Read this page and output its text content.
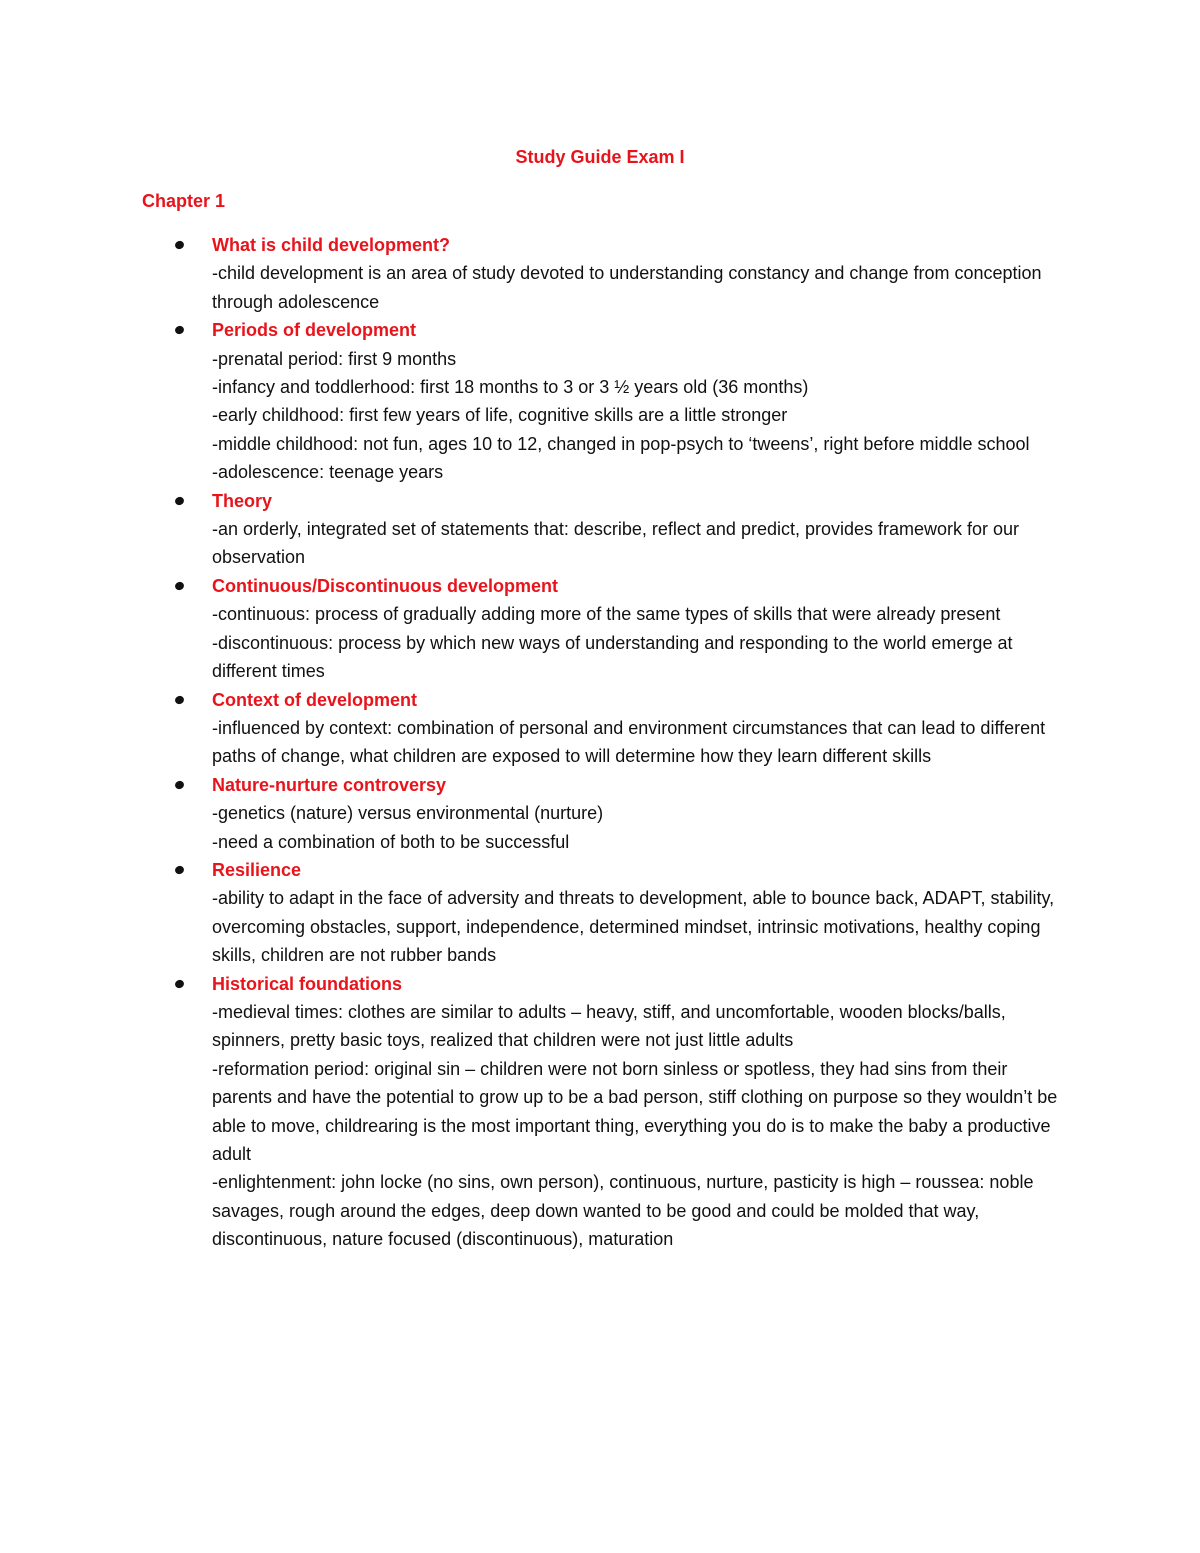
Study Guide Exam I
Chapter 1
What is child development?
-child development is an area of study devoted to understanding constancy and change from conception through adolescence
Periods of development
-prenatal period: first 9 months
-infancy and toddlerhood: first 18 months to 3 or 3 ½ years old (36 months)
-early childhood: first few years of life, cognitive skills are a little stronger
-middle childhood: not fun, ages 10 to 12, changed in pop-psych to ‘tweens’, right before middle school
-adolescence: teenage years
Theory
-an orderly, integrated set of statements that: describe, reflect and predict, provides framework for our observation
Continuous/Discontinuous development
-continuous: process of gradually adding more of the same types of skills that were already present
-discontinuous: process by which new ways of understanding and responding to the world emerge at different times
Context of development
-influenced by context: combination of personal and environment circumstances that can lead to different paths of change, what children are exposed to will determine how they learn different skills
Nature-nurture controversy
-genetics (nature) versus environmental (nurture)
-need a combination of both to be successful
Resilience
-ability to adapt in the face of adversity and threats to development, able to bounce back, ADAPT, stability, overcoming obstacles, support, independence, determined mindset, intrinsic motivations, healthy coping skills, children are not rubber bands
Historical foundations
-medieval times: clothes are similar to adults – heavy, stiff, and uncomfortable, wooden blocks/balls, spinners, pretty basic toys, realized that children were not just little adults
-reformation period: original sin – children were not born sinless or spotless, they had sins from their parents and have the potential to grow up to be a bad person, stiff clothing on purpose so they wouldn’t be able to move, childrearing is the most important thing, everything you do is to make the baby a productive adult
-enlightenment: john locke (no sins, own person), continuous, nurture, pasticity is high – roussea: noble savages, rough around the edges, deep down wanted to be good and could be molded that way, discontinuous, nature focused (discontinuous), maturation
